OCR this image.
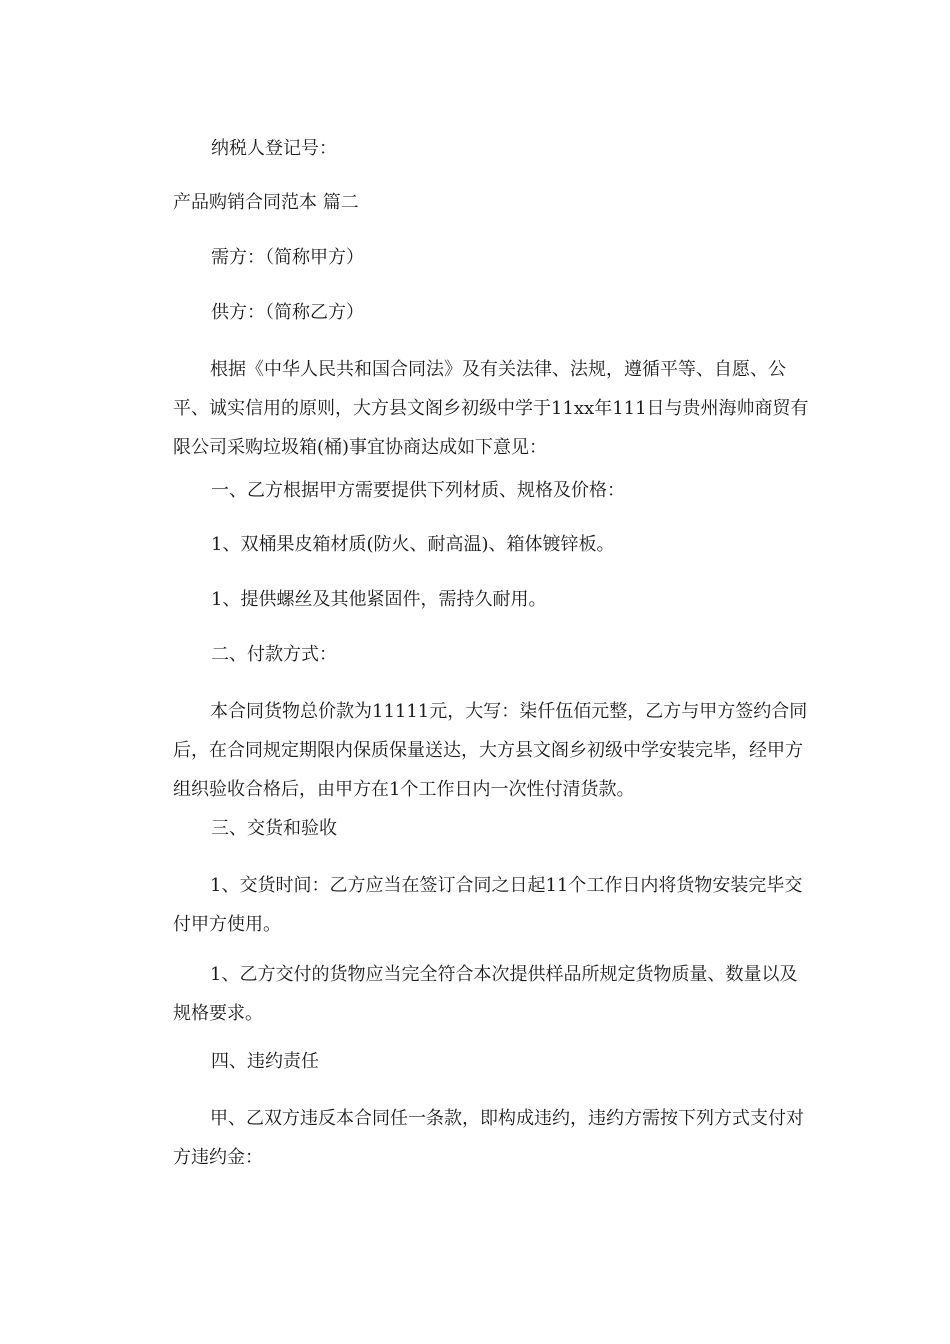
纳税人登记号：

产品购销合同范本 篇二

需方：（简称甲方）

供方：（简称乙方）

根据《中华人民共和国合同法》及有关法律、法规，遵循平等、自愿、公平、诚实信用的原则，大方县文阁乡初级中学于11xx年111日与贵州海帅商贸有限公司采购垃圾箱(桶)事宜协商达成如下意见：

一、乙方根据甲方需要提供下列材质、规格及价格：

1、双桶果皮箱材质(防火、耐高温)、箱体镀锌板。

1、提供螺丝及其他紧固件，需持久耐用。

二、付款方式：

本合同货物总价款为11111元，大写：柒仟伍佰元整，乙方与甲方签约合同后，在合同规定期限内保质保量送达，大方县文阁乡初级中学安装完毕，经甲方组织验收合格后，由甲方在1个工作日内一次性付清货款。

三、交货和验收

1、交货时间：乙方应当在签订合同之日起11个工作日内将货物安装完毕交付甲方使用。

1、乙方交付的货物应当完全符合本次提供样品所规定货物质量、数量以及规格要求。

四、违约责任

甲、乙双方违反本合同任一条款，即构成违约，违约方需按下列方式支付对方违约金：
